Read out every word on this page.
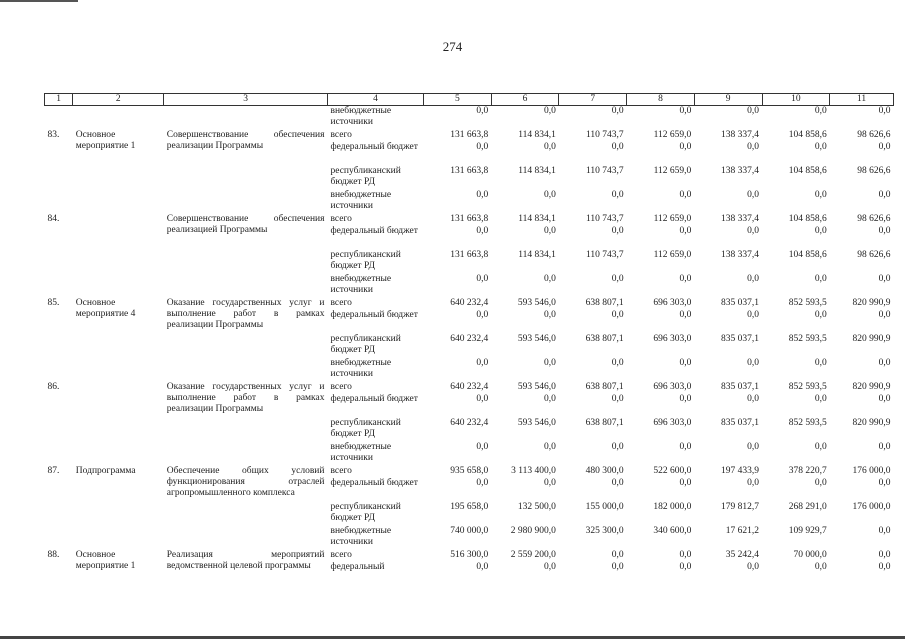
274
1	2	3	4	5	6	7	8	9	10	11
			внебюджетные источники	0,0	0,0	0,0	0,0	0,0	0,0	0,0
83.	Основное мероприятие 1	Совершенствование обеспечения реализации Программы	всего	131 663,8	114 834,1	110 743,7	112 659,0	138 337,4	104 858,6	98 626,6
			федеральный бюджет	0,0	0,0	0,0	0,0	0,0	0,0	0,0
			республиканский бюджет РД	131 663,8	114 834,1	110 743,7	112 659,0	138 337,4	104 858,6	98 626,6
			внебюджетные источники	0,0	0,0	0,0	0,0	0,0	0,0	0,0
84.		Совершенствование обеспечения реализацией Программы	всего	131 663,8	114 834,1	110 743,7	112 659,0	138 337,4	104 858,6	98 626,6
			федеральный бюджет	0,0	0,0	0,0	0,0	0,0	0,0	0,0
			республиканский бюджет РД	131 663,8	114 834,1	110 743,7	112 659,0	138 337,4	104 858,6	98 626,6
			внебюджетные источники	0,0	0,0	0,0	0,0	0,0	0,0	0,0
85.	Основное мероприятие 4	Оказание государственных услуг и выполнение работ в рамках реализации Программы	всего	640 232,4	593 546,0	638 807,1	696 303,0	835 037,1	852 593,5	820 990,9
			федеральный бюджет	0,0	0,0	0,0	0,0	0,0	0,0	0,0
			республиканский бюджет РД	640 232,4	593 546,0	638 807,1	696 303,0	835 037,1	852 593,5	820 990,9
			внебюджетные источники	0,0	0,0	0,0	0,0	0,0	0,0	0,0
86.		Оказание государственных услуг и выполнение работ в рамках реализации Программы	всего	640 232,4	593 546,0	638 807,1	696 303,0	835 037,1	852 593,5	820 990,9
			федеральный бюджет	0,0	0,0	0,0	0,0	0,0	0,0	0,0
			республиканский бюджет РД	640 232,4	593 546,0	638 807,1	696 303,0	835 037,1	852 593,5	820 990,9
			внебюджетные источники	0,0	0,0	0,0	0,0	0,0	0,0	0,0
87.	Подпрограмма	Обеспечение общих условий функционирования отраслей агропромышленного комплекса	всего	935 658,0	3 113 400,0	480 300,0	522 600,0	197 433,9	378 220,7	176 000,0
			федеральный бюджет	0,0	0,0	0,0	0,0	0,0	0,0	0,0
			республиканский бюджет РД	195 658,0	132 500,0	155 000,0	182 000,0	179 812,7	268 291,0	176 000,0
			внебюджетные источники	740 000,0	2 980 900,0	325 300,0	340 600,0	17 621,2	109 929,7	0,0
88.	Основное мероприятие 1	Реализация мероприятий ведомственной целевой программы	всего	516 300,0	2 559 200,0	0,0	0,0	35 242,4	70 000,0	0,0
			федеральный	0,0	0,0	0,0	0,0	0,0	0,0	0,0
